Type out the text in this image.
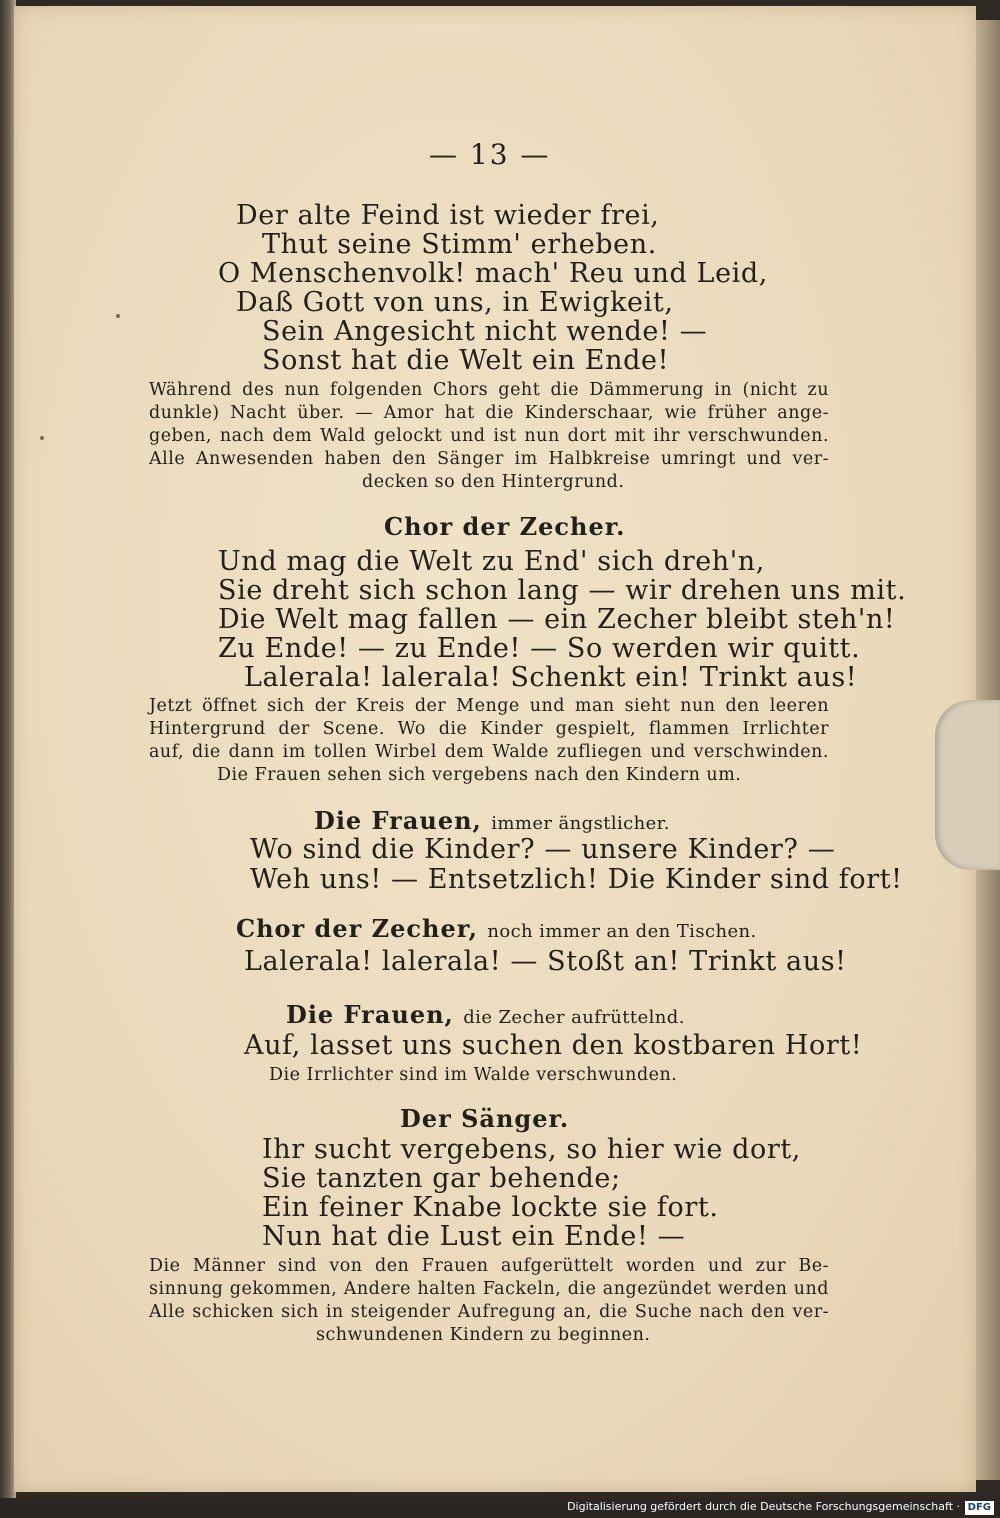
— 13 —

Der alte Feind ist wieder frei,

Thut seine Stimm' erheben.

O Menschenvolk! mach' Reu und Leid,

Daß Gott von uns, in Ewigkeit,

Sein Angesicht nicht wende! —

Sonst hat die Welt ein Ende!

Während des nun folgenden Chors geht die Dämmerung in (nicht zu

dunkle) Nacht über. — Amor hat die Kinderschaar, wie früher ange-

geben, nach dem Wald gelockt und ist nun dort mit ihr verschwunden.

Alle Anwesenden haben den Sänger im Halbkreise umringt und ver-

decken so den Hintergrund.

Chor der Zecher.

Und mag die Welt zu End' sich dreh'n,

Sie dreht sich schon lang — wir drehen uns mit.

Die Welt mag fallen — ein Zecher bleibt steh'n!

Zu Ende! — zu Ende! — So werden wir quitt.

Lalerala! lalerala! Schenkt ein! Trinkt aus!

Jetzt öffnet sich der Kreis der Menge und man sieht nun den leeren

Hintergrund der Scene. Wo die Kinder gespielt, flammen Irrlichter

auf, die dann im tollen Wirbel dem Walde zufliegen und verschwinden.

Die Frauen sehen sich vergebens nach den Kindern um.

Die Frauen, immer ängstlicher.

Wo sind die Kinder? — unsere Kinder? —

Weh uns! — Entsetzlich! Die Kinder sind fort!

Chor der Zecher, noch immer an den Tischen.

Lalerala! lalerala! — Stoßt an! Trinkt aus!

Die Frauen, die Zecher aufrüttelnd.

Auf, lasset uns suchen den kostbaren Hort!

Die Irrlichter sind im Walde verschwunden.

Der Sänger.

Ihr sucht vergebens, so hier wie dort,

Sie tanzten gar behende;

Ein feiner Knabe lockte sie fort.

Nun hat die Lust ein Ende! —

Die Männer sind von den Frauen aufgerüttelt worden und zur Be-

sinnung gekommen, Andere halten Fackeln, die angezündet werden und

Alle schicken sich in steigender Aufregung an, die Suche nach den ver-

schwundenen Kindern zu beginnen.

Digitalisierung gefördert durch die Deutsche Forschungsgemeinschaft · DFG
